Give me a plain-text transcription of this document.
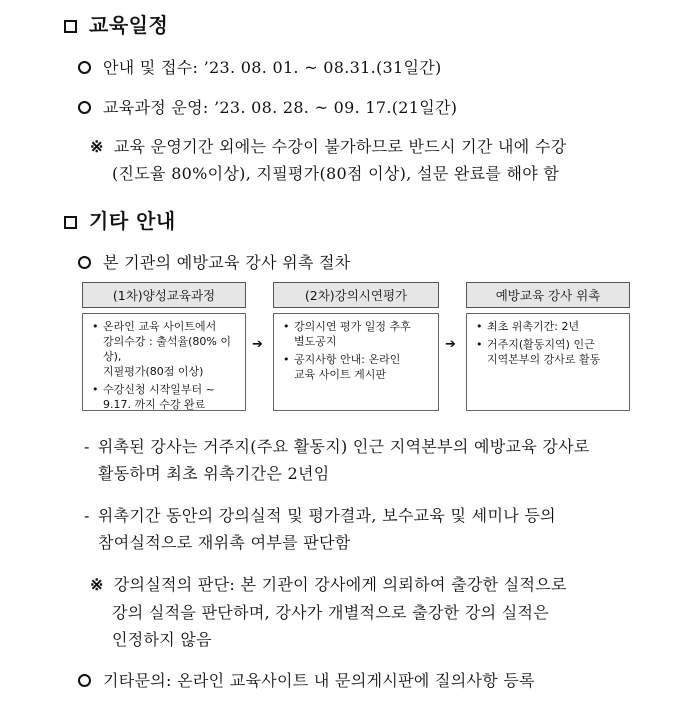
교육일정
안내 및 접수: ’23. 08. 01. ~ 08.31.(31일간)
교육과정 운영: ’23. 08. 28. ~ 09. 17.(21일간)
※ 교육 운영기간 외에는 수강이 불가하므로 반드시 기간 내에 수강
(진도율 80%이상), 지필평가(80점 이상), 설문 완료를 해야 함
기타 안내
본 기관의 예방교육 강사 위촉 절차
(1차)양성교육과정
• 온라인 교육 사이트에서
강의수강 : 출석율(80% 이상),
지필평가(80점 이상)
• 수강신청 시작일부터 ~
9.17. 까지 수강 완료
➔
(2차)강의시연평가
• 강의시연 평가 일정 추후
별도공지
• 공지사항 안내: 온라인
교육 사이트 게시판
➔
예방교육 강사 위촉
• 최초 위촉기간: 2년
• 거주지(활동지역) 인근
지역본부의 강사로 활동
- 위촉된 강사는 거주지(주요 활동지) 인근 지역본부의 예방교육 강사로
활동하며 최초 위촉기간은 2년임
- 위촉기간 동안의 강의실적 및 평가결과, 보수교육 및 세미나 등의
참여실적으로 재위촉 여부를 판단함
※ 강의실적의 판단: 본 기관이 강사에게 의뢰하여 출강한 실적으로
강의 실적을 판단하며, 강사가 개별적으로 출강한 강의 실적은
인정하지 않음
기타문의: 온라인 교육사이트 내 문의게시판에 질의사항 등록
